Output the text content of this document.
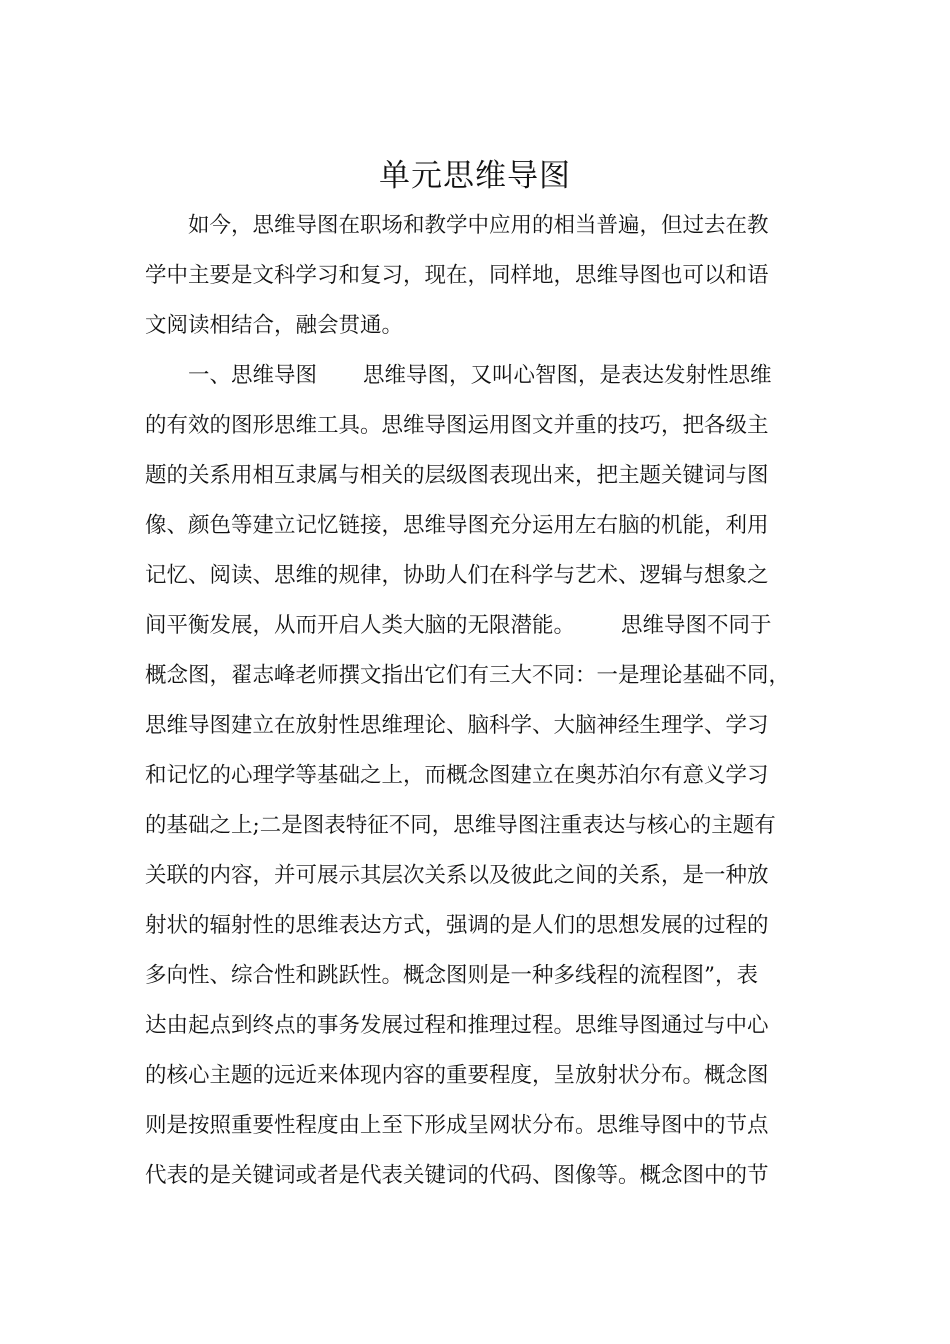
单元思维导图
　　如今，思维导图在职场和教学中应用的相当普遍，但过去在教
学中主要是文科学习和复习，现在，同样地，思维导图也可以和语
文阅读相结合，融会贯通。
　　一、思维导图 思维导图，又叫心智图，是表达发射性思维
的有效的图形思维工具。思维导图运用图文并重的技巧，把各级主
题的关系用相互隶属与相关的层级图表现出来，把主题关键词与图
像、颜色等建立记忆链接，思维导图充分运用左右脑的机能，利用
记忆、阅读、思维的规律，协助人们在科学与艺术、逻辑与想象之
间平衡发展，从而开启人类大脑的无限潜能。 思维导图不同于
概念图，翟志峰老师撰文指出它们有三大不同：一是理论基础不同，
思维导图建立在放射性思维理论、脑科学、大脑神经生理学、学习
和记忆的心理学等基础之上，而概念图建立在奥苏泊尔有意义学习
的基础之上;二是图表特征不同，思维导图注重表达与核心的主题有
关联的内容，并可展示其层次关系以及彼此之间的关系，是一种放
射状的辐射性的思维表达方式，强调的是人们的思想发展的过程的
多向性、综合性和跳跃性。概念图则是一种多线程的流程图”，表
达由起点到终点的事务发展过程和推理过程。思维导图通过与中心
的核心主题的远近来体现内容的重要程度，呈放射状分布。概念图
则是按照重要性程度由上至下形成呈网状分布。思维导图中的节点
代表的是关键词或者是代表关键词的代码、图像等。概念图中的节
